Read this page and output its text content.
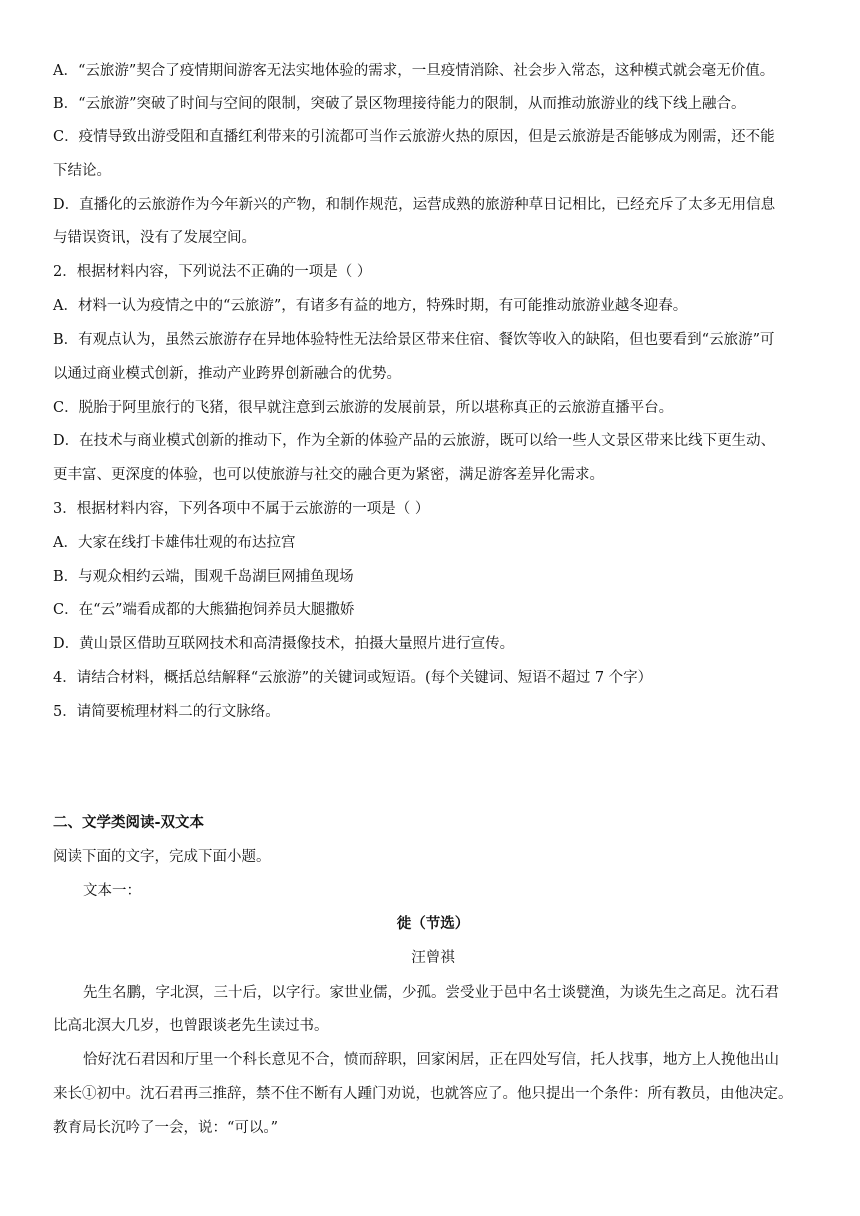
A．“云旅游”契合了疫情期间游客无法实地体验的需求，一旦疫情消除、社会步入常态，这种模式就会毫无价值。
B．“云旅游”突破了时间与空间的限制，突破了景区物理接待能力的限制，从而推动旅游业的线下线上融合。
C．疫情导致出游受阻和直播红利带来的引流都可当作云旅游火热的原因，但是云旅游是否能够成为刚需，还不能
下结论。
D．直播化的云旅游作为今年新兴的产物，和制作规范，运营成熟的旅游种草日记相比，已经充斥了太多无用信息
与错误资讯，没有了发展空间。
2．根据材料内容，下列说法不正确的一项是（ ）
A．材料一认为疫情之中的“云旅游”，有诸多有益的地方，特殊时期，有可能推动旅游业越冬迎春。
B．有观点认为，虽然云旅游存在异地体验特性无法给景区带来住宿、餐饮等收入的缺陷，但也要看到“云旅游”可
以通过商业模式创新，推动产业跨界创新融合的优势。
C．脱胎于阿里旅行的飞猪，很早就注意到云旅游的发展前景，所以堪称真正的云旅游直播平台。
D．在技术与商业模式创新的推动下，作为全新的体验产品的云旅游，既可以给一些人文景区带来比线下更生动、
更丰富、更深度的体验，也可以使旅游与社交的融合更为紧密，满足游客差异化需求。
3．根据材料内容，下列各项中不属于云旅游的一项是（ ）
A．大家在线打卡雄伟壮观的布达拉宫
B．与观众相约云端，围观千岛湖巨网捕鱼现场
C．在“云”端看成都的大熊猫抱饲养员大腿撒娇
D．黄山景区借助互联网技术和高清摄像技术，拍摄大量照片进行宣传。
4．请结合材料，概括总结解释“云旅游”的关键词或短语。(每个关键词、短语不超过 7 个字）
5．请简要梳理材料二的行文脉络。
二、文学类阅读-双文本
阅读下面的文字，完成下面小题。
文本一：
徙（节选）
汪曾祺
先生名鹏，字北溟，三十后，以字行。家世业儒，少孤。尝受业于邑中名士谈甓渔，为谈先生之高足。沈石君
比高北溟大几岁，也曾跟谈老先生读过书。
恰好沈石君因和厅里一个科长意见不合，愤而辞职，回家闲居，正在四处写信，托人找事，地方上人挽他出山
来长①初中。沈石君再三推辞，禁不住不断有人踵门劝说，也就答应了。他只提出一个条件：所有教员，由他决定。
教育局长沉吟了一会，说：“可以。”
